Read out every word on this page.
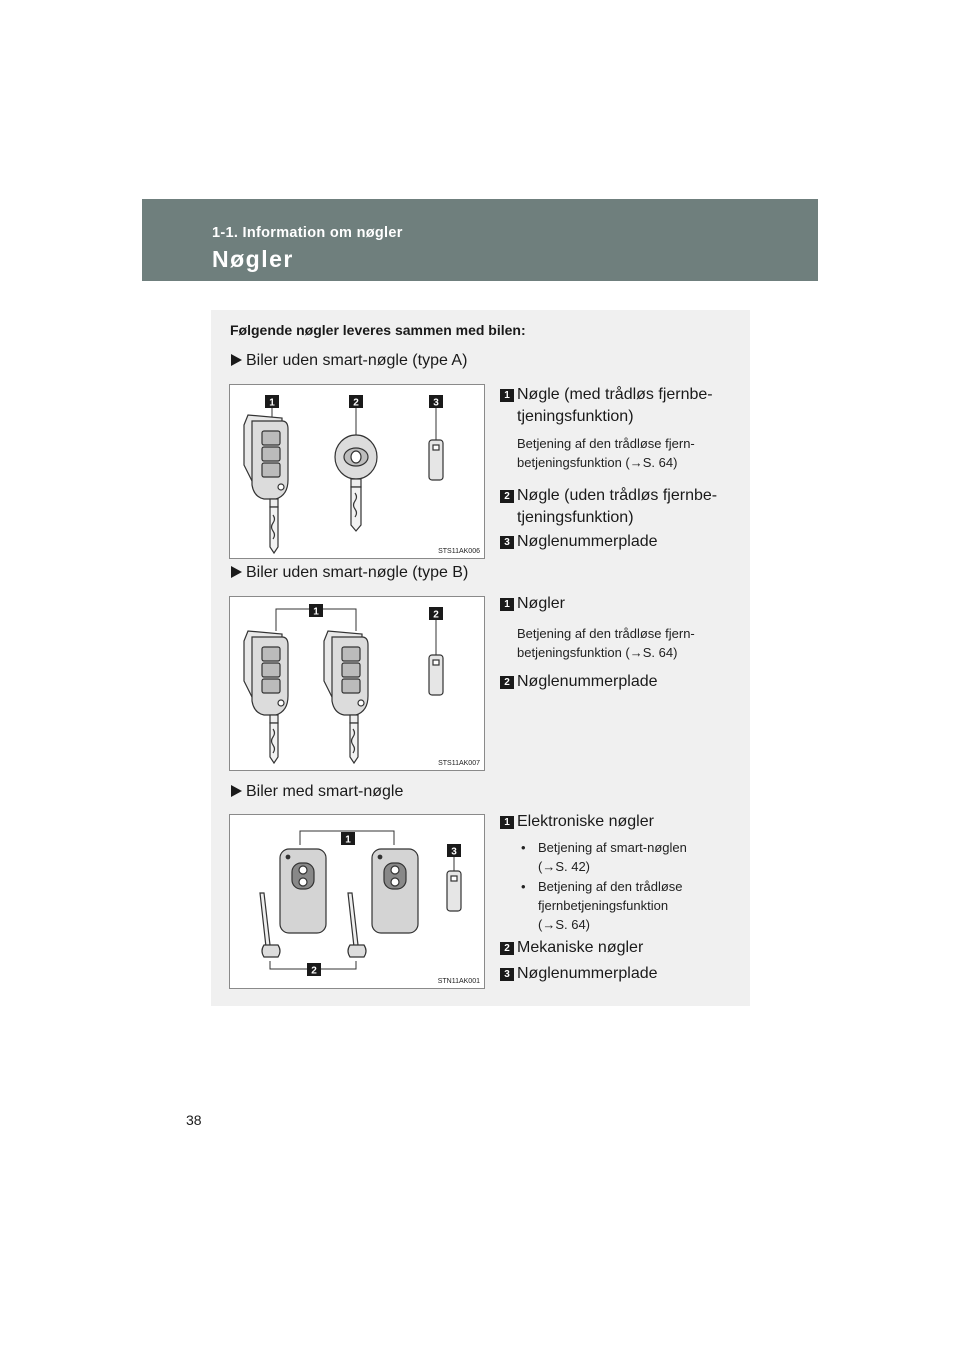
1-1. Information om nøgler
Nøgler
Følgende nøgler leveres sammen med bilen:
Biler uden smart-nøgle (type A)
1	2	3
STS11AK006
1 Nøgle (med trådløs fjernbe-
tjeningsfunktion)
Betjening af den trådløse fjern-
betjeningsfunktion (→S. 64)
2 Nøgle (uden trådløs fjernbe-
tjeningsfunktion)
3 Nøglenummerplade
Biler uden smart-nøgle (type B)
1	2
STS11AK007
1 Nøgler
Betjening af den trådløse fjern-
betjeningsfunktion (→S. 64)
2 Nøglenummerplade
Biler med smart-nøgle
1
3
2
STN11AK001
1 Elektroniske nøgler
• Betjening af smart-nøglen
(→S. 42)
• Betjening af den trådløse
fjernbetjeningsfunktion
(→S. 64)
2 Mekaniske nøgler
3 Nøglenummerplade
38
